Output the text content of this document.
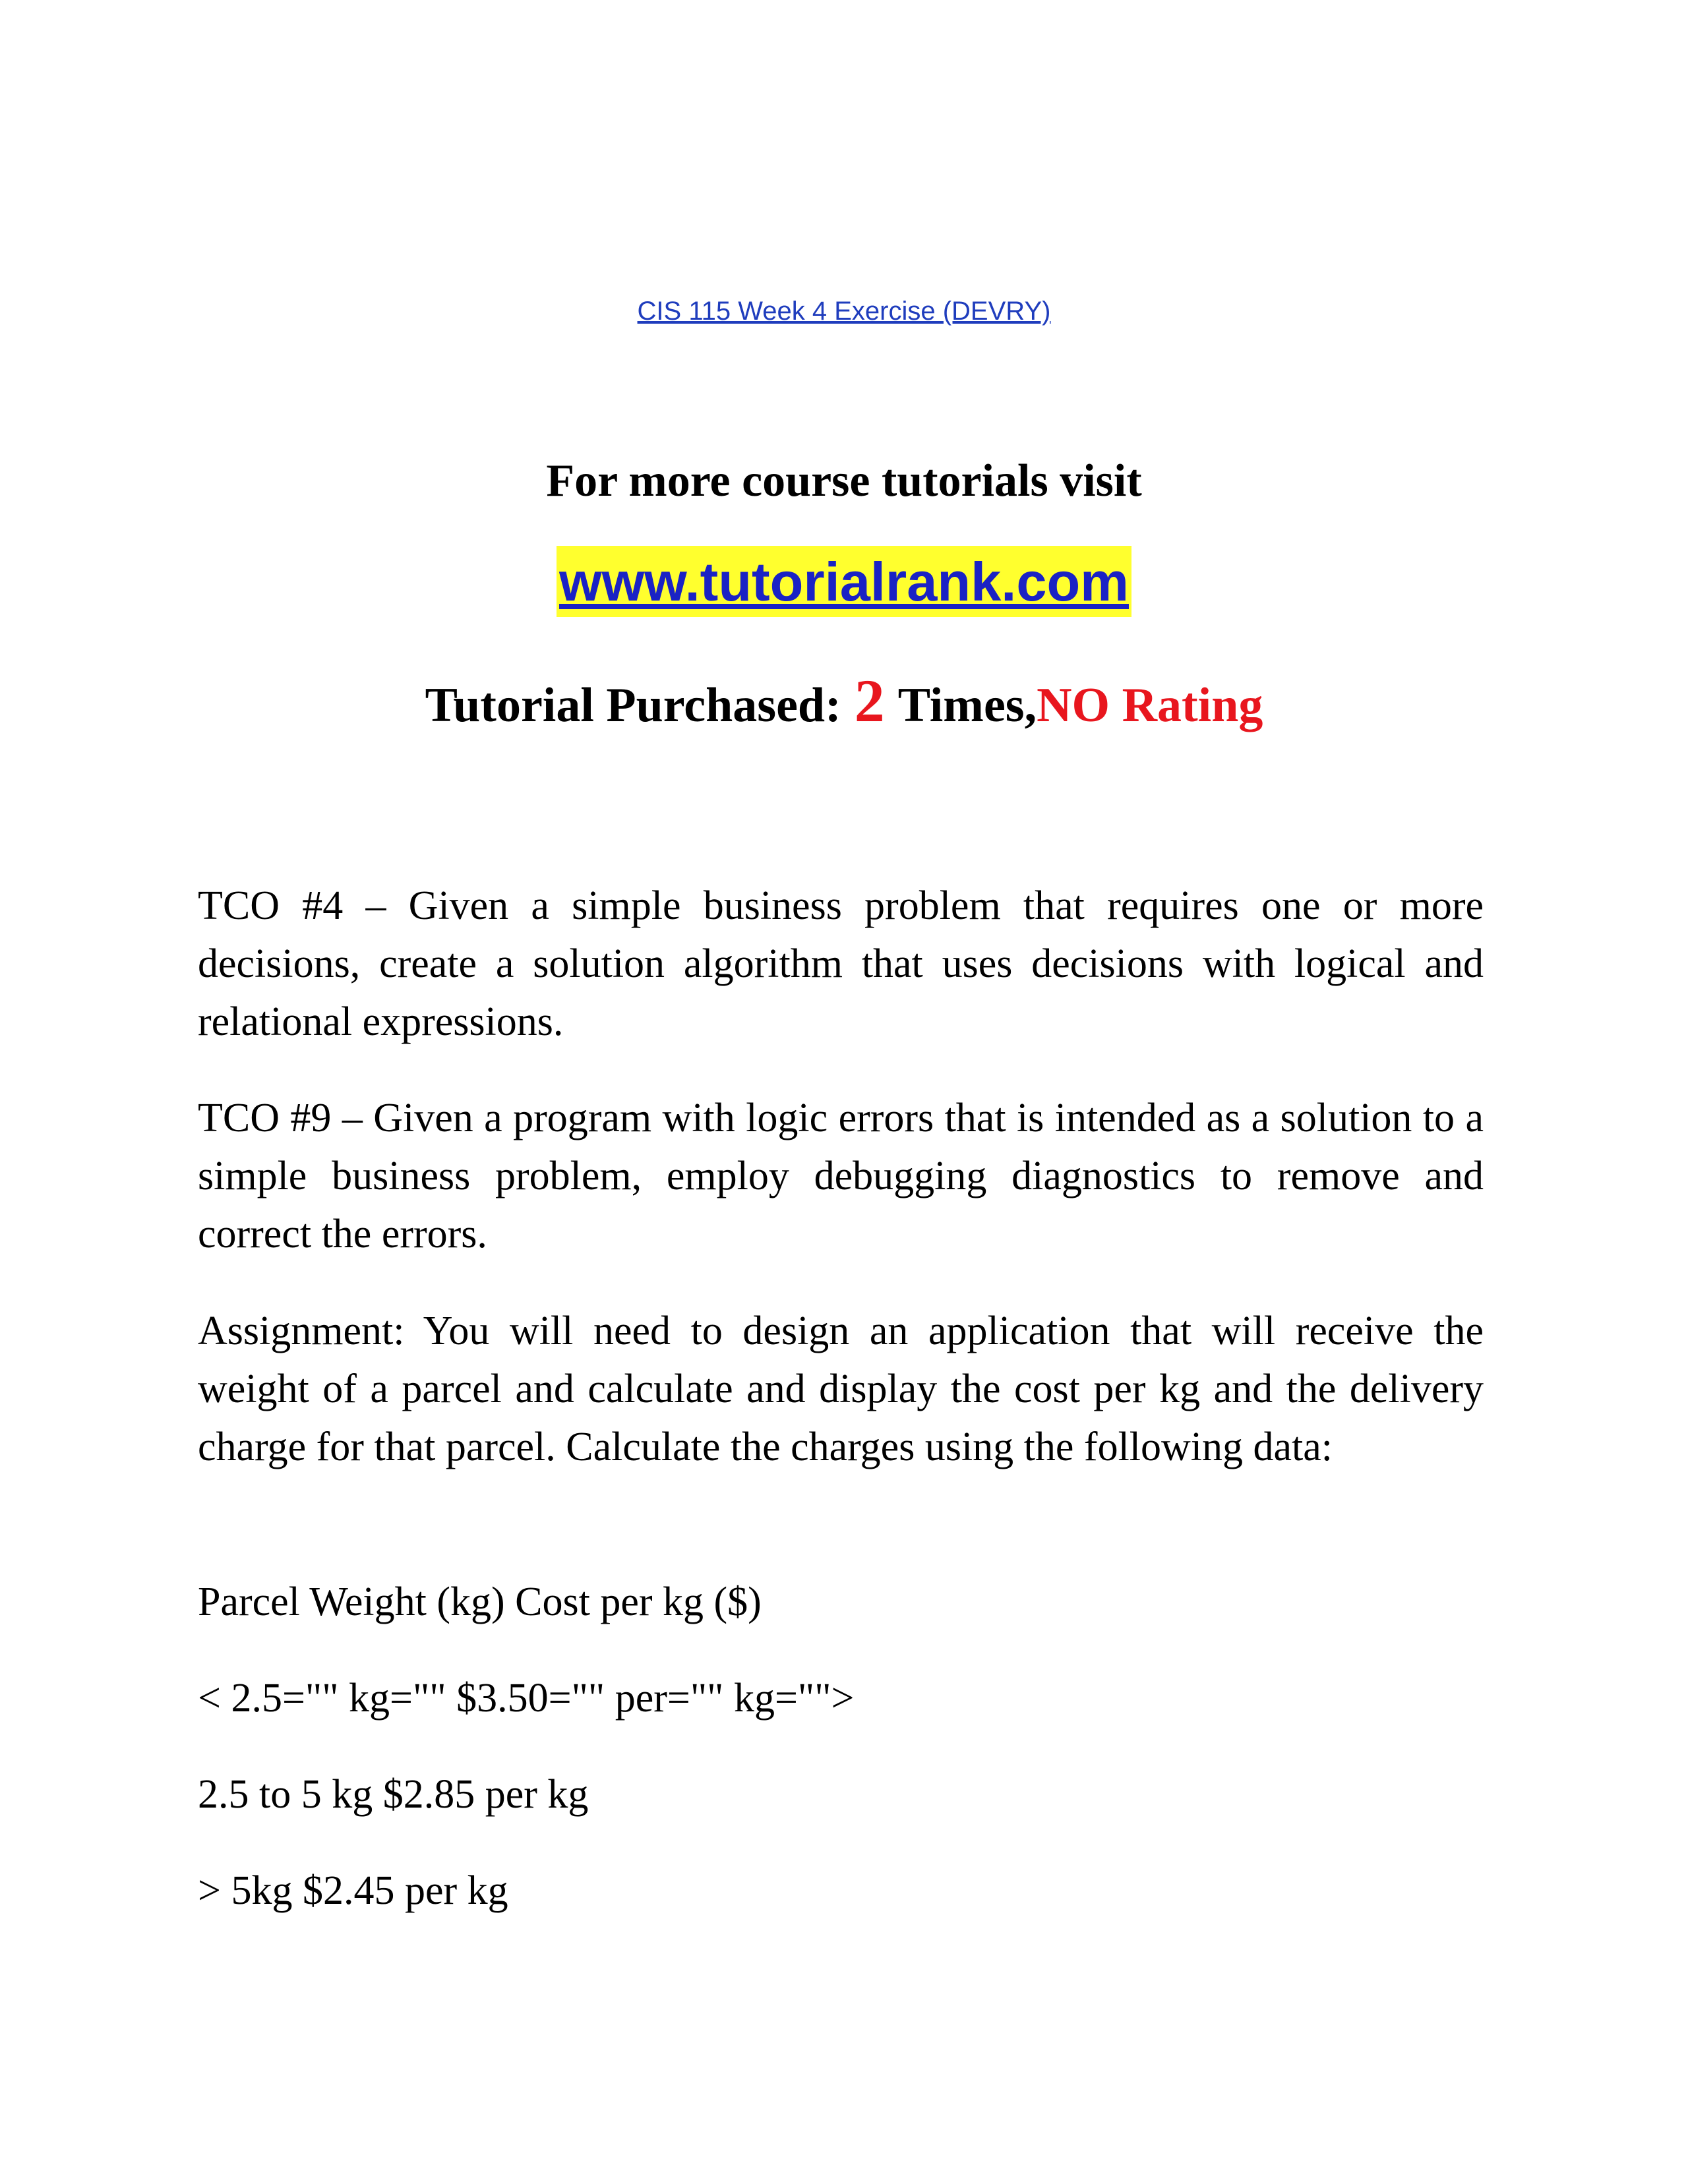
CIS 115 Week 4 Exercise (DEVRY)
For more course tutorials visit
www.tutorialrank.com
Tutorial Purchased: 2 Times,NO Rating

TCO #4 – Given a simple business problem that requires one or more decisions, create a solution algorithm that uses decisions with logical and relational expressions.

TCO #9 – Given a program with logic errors that is intended as a solution to a simple business problem, employ debugging diagnostics to remove and correct the errors.

Assignment: You will need to design an application that will receive the weight of a parcel and calculate and display the cost per kg and the delivery charge for that parcel. Calculate the charges using the following data:

Parcel Weight (kg) Cost per kg ($)

< 2.5="" kg="" $3.50="" per="" kg="">

2.5 to 5 kg $2.85 per kg

> 5kg $2.45 per kg
